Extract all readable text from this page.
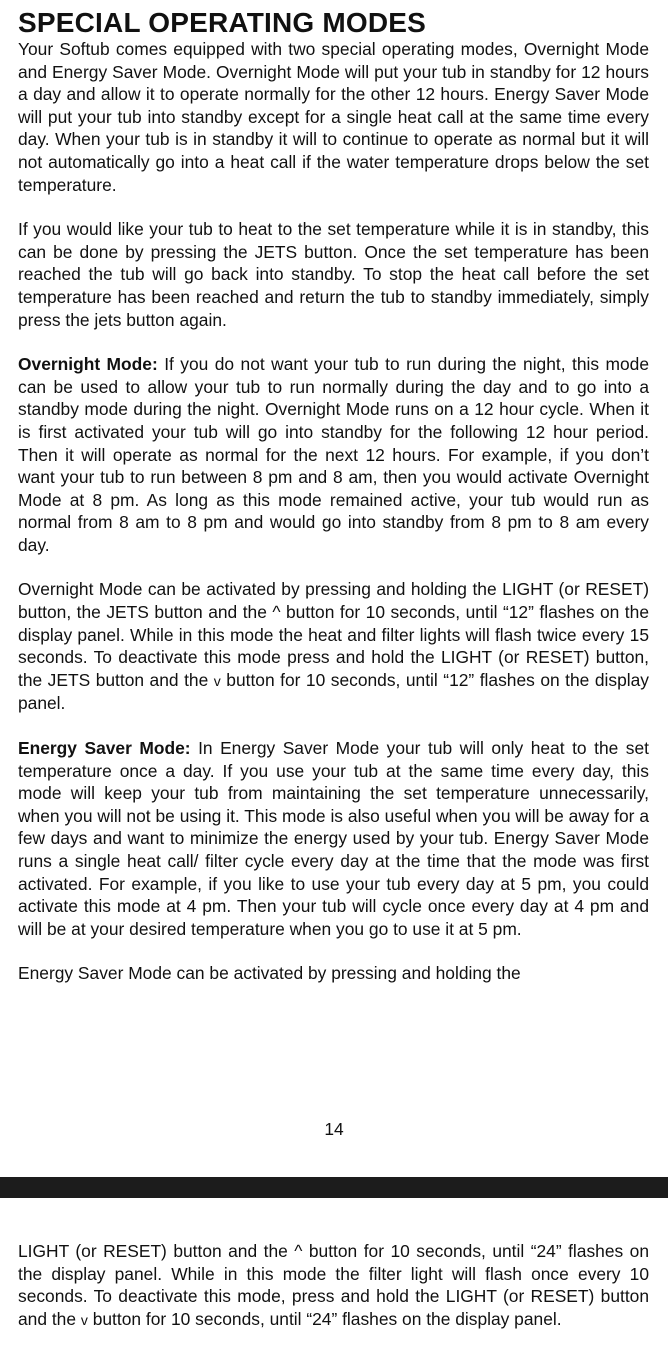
SPECIAL OPERATING MODES

Your Softub comes equipped with two special operating modes, Overnight Mode and Energy Saver Mode. Overnight Mode will put your tub in standby for 12 hours a day and allow it to operate normally for the other 12 hours. Energy Saver Mode will put your tub into standby except for a single heat call at the same time every day. When your tub is in standby it will to continue to operate as normal but it will not automatically go into a heat call if the water temperature drops below the set temperature.

If you would like your tub to heat to the set temperature while it is in standby, this can be done by pressing the JETS button. Once the set temperature has been reached the tub will go back into standby. To stop the heat call before the set temperature has been reached and return the tub to standby immediately, simply press the jets button again.

Overnight Mode: If you do not want your tub to run during the night, this mode can be used to allow your tub to run normally during the day and to go into a standby mode during the night. Overnight Mode runs on a 12 hour cycle. When it is first activated your tub will go into standby for the following 12 hour period. Then it will operate as normal for the next 12 hours. For example, if you don’t want your tub to run between 8 pm and 8 am, then you would activate Overnight Mode at 8 pm. As long as this mode remained active, your tub would run as normal from 8 am to 8 pm and would go into standby from 8 pm to 8 am every day.

Overnight Mode can be activated by pressing and holding the LIGHT (or RESET) button, the JETS button and the ^ button for 10 seconds, until “12” flashes on the display panel. While in this mode the heat and filter lights will flash twice every 15 seconds. To deactivate this mode press and hold the LIGHT (or RESET) button, the JETS button and the v button for 10 seconds, until “12” flashes on the display panel.

Energy Saver Mode: In Energy Saver Mode your tub will only heat to the set temperature once a day. If you use your tub at the same time every day, this mode will keep your tub from maintaining the set temperature unnecessarily, when you will not be using it. This mode is also useful when you will be away for a few days and want to minimize the energy used by your tub. Energy Saver Mode runs a single heat call/ filter cycle every day at the time that the mode was first activated. For example, if you like to use your tub every day at 5 pm, you could activate this mode at 4 pm. Then your tub will cycle once every day at 4 pm and will be at your desired temperature when you go to use it at 5 pm.

Energy Saver Mode can be activated by pressing and holding the

14

LIGHT (or RESET) button and the ^ button for 10 seconds, until “24” flashes on the display panel. While in this mode the filter light will flash once every 10 seconds. To deactivate this mode, press and hold the LIGHT (or RESET) button and the v button for 10 seconds, until “24” flashes on the display panel.
